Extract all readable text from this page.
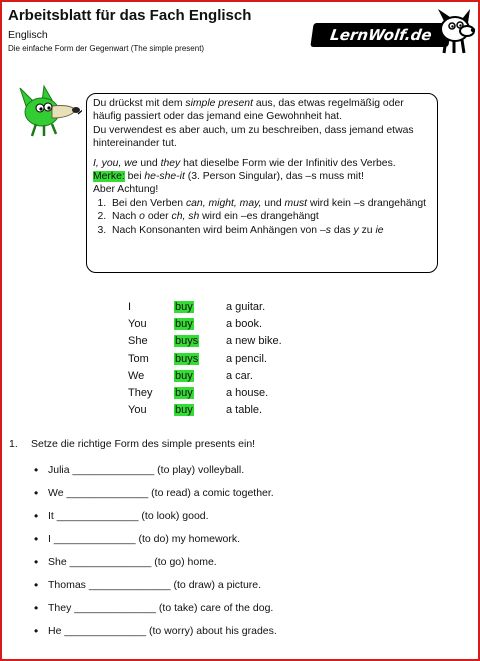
Arbeitsblatt für das Fach Englisch
Englisch
Die einfache Form der Gegenwart (The simple present)
LernWolf.de

Du drückst mit dem simple present aus, das etwas regelmäßig oder häufig passiert oder das jemand eine Gewohnheit hat.

Du verwendest es aber auch, um zu beschreiben, dass jemand etwas hintereinander tut.

I, you, we und they hat dieselbe Form wie der Infinitiv des Verbes.

Merke: bei he-she-it (3. Person Singular), das –s muss mit!

Aber Achtung!

1. Bei den Verben can, might, may, und must wird kein –s drangehängt
2. Nach o oder ch, sh wird ein –es drangehängt
3. Nach Konsonanten wird beim Anhängen von –s das y zu ie
I	buy	a guitar.
You	buy	a book.
She	buys	a new bike.
Tom	buys	a pencil.
We	buy	a car.
They	buy	a house.
You	buy	a table.
1. Setze die richtige Form des simple presents ein!
• Julia ______________ (to play) volleyball.
• We ______________ (to read) a comic together.
• It ______________ (to look) good.
• I ______________ (to do) my homework.
• She ______________ (to go) home.
• Thomas ______________ (to draw) a picture.
• They ______________ (to take) care of the dog.
• He ______________ (to worry) about his grades.
